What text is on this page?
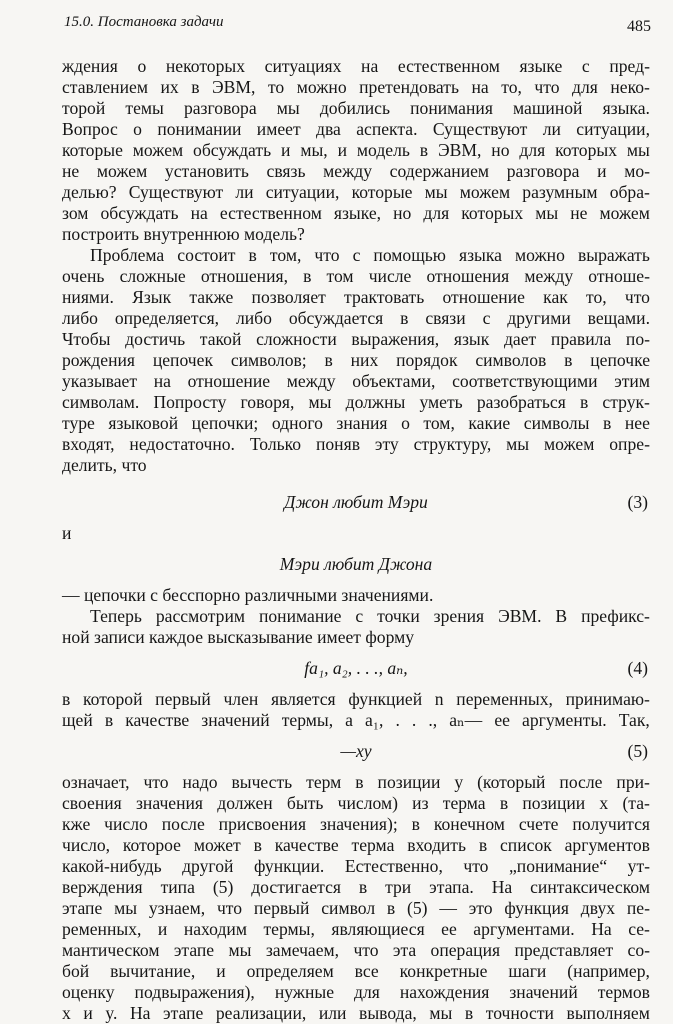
15.0. Постановка задачи	485
ждения о некоторых ситуациях на естественном языке с пред-
ставлением их в ЭВМ, то можно претендовать на то, что для неко-
торой темы разговора мы добились понимания машиной языка.
Вопрос о понимании имеет два аспекта. Существуют ли ситуации,
которые можем обсуждать и мы, и модель в ЭВМ, но для которых мы
не можем установить связь между содержанием разговора и мо-
делью? Существуют ли ситуации, которые мы можем разумным обра-
зом обсуждать на естественном языке, но для которых мы не можем
построить внутреннюю модель?
Проблема состоит в том, что с помощью языка можно выражать
очень сложные отношения, в том числе отношения между отноше-
ниями. Язык также позволяет трактовать отношение как то, что
либо определяется, либо обсуждается в связи с другими вещами.
Чтобы достичь такой сложности выражения, язык дает правила по-
рождения цепочек символов; в них порядок символов в цепочке
указывает на отношение между объектами, соответствующими этим
символам. Попросту говоря, мы должны уметь разобраться в струк-
туре языковой цепочки; одного знания о том, какие символы в нее
входят, недостаточно. Только поняв эту структуру, мы можем опре-
делить, что
Джон любит Мэри	(3)
и
Мэри любит Джона
— цепочки с бесспорно различными значениями.
Теперь рассмотрим понимание с точки зрения ЭВМ. В префикс-
ной записи каждое высказывание имеет форму
fa₁, a₂, . . ., aₙ,	(4)
в которой первый член является функцией n переменных, принимаю-
щей в качестве значений термы, а a₁, . . ., aₙ— ее аргументы. Так,
—xy	(5)
означает, что надо вычесть терм в позиции y (который после при-
своения значения должен быть числом) из терма в позиции x (та-
кже число после присвоения значения); в конечном счете получится
число, которое может в качестве терма входить в список аргументов
какой-нибудь другой функции. Естественно, что „понимание“ ут-
верждения типа (5) достигается в три этапа. На синтаксическом
этапе мы узнаем, что первый символ в (5) — это функция двух пе-
ременных, и находим термы, являющиеся ее аргументами. На се-
мантическом этапе мы замечаем, что эта операция представляет со-
бой вычитание, и определяем все конкретные шаги (например,
оценку подвыражения), нужные для нахождения значений термов
x и y. На этапе реализации, или вывода, мы в точности выполняем
